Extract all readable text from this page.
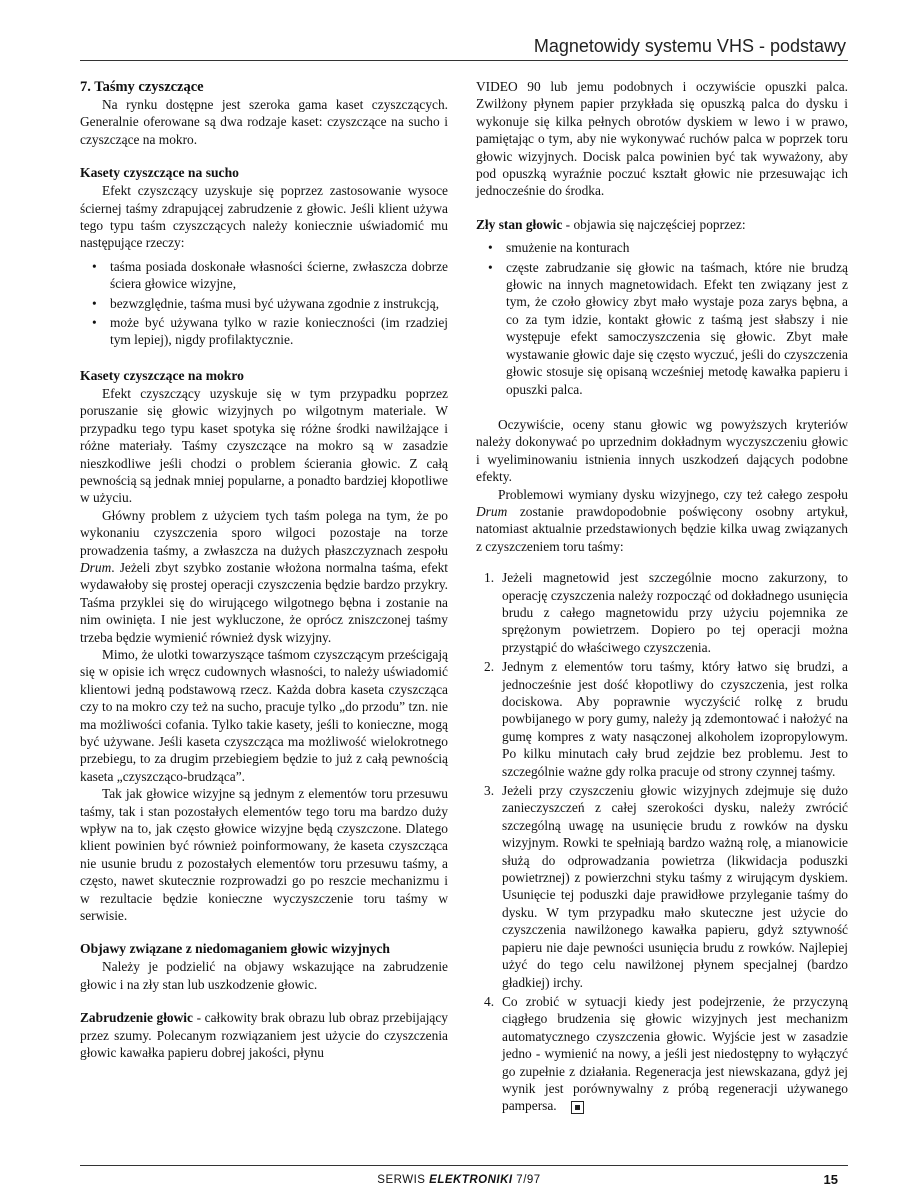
Magnetowidy systemu VHS - podstawy
7. Taśmy czyszczące

Na rynku dostępne jest szeroka gama kaset czyszczących. Generalnie oferowane są dwa rodzaje kaset: czyszczące na sucho i czyszczące na mokro.

Kasety czyszczące na sucho

Efekt czyszczący uzyskuje się poprzez zastosowanie wysoce ściernej taśmy zdrapującej zabrudzenie z głowic. Jeśli klient używa tego typu taśm czyszczących należy koniecznie uświadomić mu następujące rzeczy:

• taśma posiada doskonałe własności ścierne, zwłaszcza dobrze ściera głowice wizyjne,
• bezwzględnie, taśma musi być używana zgodnie z instrukcją,
• może być używana tylko w razie konieczności (im rzadziej tym lepiej), nigdy profilaktycznie.
Kasety czyszczące na mokro

Efekt czyszczący uzyskuje się w tym przypadku poprzez poruszanie się głowic wizyjnych po wilgotnym materiale. W przypadku tego typu kaset spotyka się różne środki nawilżające i różne materiały. Taśmy czyszczące na mokro są w zasadzie nieszkodliwe jeśli chodzi o problem ścierania głowic. Z całą pewnością są jednak mniej popularne, a ponadto bardziej kłopotliwe w użyciu.

Główny problem z użyciem tych taśm polega na tym, że po wykonaniu czyszczenia sporo wilgoci pozostaje na torze prowadzenia taśmy, a zwłaszcza na dużych płaszczyznach zespołu Drum. Jeżeli zbyt szybko zostanie włożona normalna taśma, efekt wydawałoby się prostej operacji czyszczenia będzie bardzo przykry. Taśma przyklei się do wirującego wilgotnego bębna i zostanie na nim owinięta. I nie jest wykluczone, że oprócz zniszczonej taśmy trzeba będzie wymienić również dysk wizyjny.

Mimo, że ulotki towarzyszące taśmom czyszczącym prześcigają się w opisie ich wręcz cudownych własności, to należy uświadomić klientowi jedną podstawową rzecz. Każda dobra kaseta czyszcząca czy to na mokro czy też na sucho, pracuje tylko „do przodu” tzn. nie ma możliwości cofania. Tylko takie kasety, jeśli to konieczne, mogą być używane. Jeśli kaseta czyszcząca ma możliwość wielokrotnego przebiegu, to za drugim przebiegiem będzie to już z całą pewnością kaseta „czyszcząco-brudząca”.

Tak jak głowice wizyjne są jednym z elementów toru przesuwu taśmy, tak i stan pozostałych elementów tego toru ma bardzo duży wpływ na to, jak często głowice wizyjne będą czyszczone. Dlatego klient powinien być również poinformowany, że kaseta czyszcząca nie usunie brudu z pozostałych elementów toru przesuwu taśmy, a często, nawet skutecznie rozprowadzi go po reszcie mechanizmu i w rezultacie będzie konieczne wyczyszczenie toru taśmy w serwisie.

Objawy związane z niedomaganiem głowic wizyjnych

Należy je podzielić na objawy wskazujące na zabrudzenie głowic i na zły stan lub uszkodzenie głowic.

Zabrudzenie głowic - całkowity brak obrazu lub obraz przebijający przez szumy. Polecanym rozwiązaniem jest użycie do czyszczenia głowic kawałka papieru dobrej jakości, płynu

VIDEO 90 lub jemu podobnych i oczywiście opuszki palca. Zwilżony płynem papier przykłada się opuszką palca do dysku i wykonuje się kilka pełnych obrotów dyskiem w lewo i w prawo, pamiętając o tym, aby nie wykonywać ruchów palca w poprzek toru głowic wizyjnych. Docisk palca powinien być tak wyważony, aby pod opuszką wyraźnie poczuć kształt głowic nie przesuwając ich jednocześnie do środka.

Zły stan głowic - objawia się najczęściej poprzez:

• smużenie na konturach
• częste zabrudzanie się głowic na taśmach, które nie brudzą głowic na innych magnetowidach. Efekt ten związany jest z tym, że czoło głowicy zbyt mało wystaje poza zarys bębna, a co za tym idzie, kontakt głowic z taśmą jest słabszy i nie występuje efekt samoczyszczenia się głowic. Zbyt małe wystawanie głowic daje się często wyczuć, jeśli do czyszczenia głowic stosuje się opisaną wcześniej metodę kawałka papieru i opuszki palca.

Oczywiście, oceny stanu głowic wg powyższych kryteriów należy dokonywać po uprzednim dokładnym wyczyszczeniu głowic i wyeliminowaniu istnienia innych uszkodzeń dających podobne efekty.

Problemowi wymiany dysku wizyjnego, czy też całego zespołu Drum zostanie prawdopodobnie poświęcony osobny artykuł, natomiast aktualnie przedstawionych będzie kilka uwag związanych z czyszczeniem toru taśmy:

1. Jeżeli magnetowid jest szczególnie mocno zakurzony, to operację czyszczenia należy rozpocząć od dokładnego usunięcia brudu z całego magnetowidu przy użyciu pojemnika ze sprężonym powietrzem. Dopiero po tej operacji można przystąpić do właściwego czyszczenia.
2. Jednym z elementów toru taśmy, który łatwo się brudzi, a jednocześnie jest dość kłopotliwy do czyszczenia, jest rolka dociskowa. Aby poprawnie wyczyścić rolkę z brudu powbijanego w pory gumy, należy ją zdemontować i nałożyć na gumę kompres z waty nasączonej alkoholem izopropylowym. Po kilku minutach cały brud zejdzie bez problemu. Jest to szczególnie ważne gdy rolka pracuje od strony czynnej taśmy.
3. Jeżeli przy czyszczeniu głowic wizyjnych zdejmuje się dużo zanieczyszczeń z całej szerokości dysku, należy zwrócić szczególną uwagę na usunięcie brudu z rowków na dysku wizyjnym. Rowki te spełniają bardzo ważną rolę, a mianowicie służą do odprowadzania powietrza (likwidacja poduszki powietrznej) z powierzchni styku taśmy z wirującym dyskiem. Usunięcie tej poduszki daje prawidłowe przyleganie taśmy do dysku. W tym przypadku mało skuteczne jest użycie do czyszczenia nawilżonego kawałka papieru, gdyż sztywność papieru nie daje pewności usunięcia brudu z rowków. Najlepiej użyć do tego celu nawilżonej płynem specjalnej (bardzo gładkiej) irchy.
4. Co zrobić w sytuacji kiedy jest podejrzenie, że przyczyną ciągłego brudzenia się głowic wizyjnych jest mechanizm automatycznego czyszczenia głowic. Wyjście jest w zasadzie jedno - wymienić na nowy, a jeśli jest niedostępny to wyłączyć go zupełnie z działania. Regeneracja jest niewskazana, gdyż jej wynik jest porównywalny z próbą regeneracji używanego pampersa.
SERWIS ELEKTRONIKI 7/97	15
